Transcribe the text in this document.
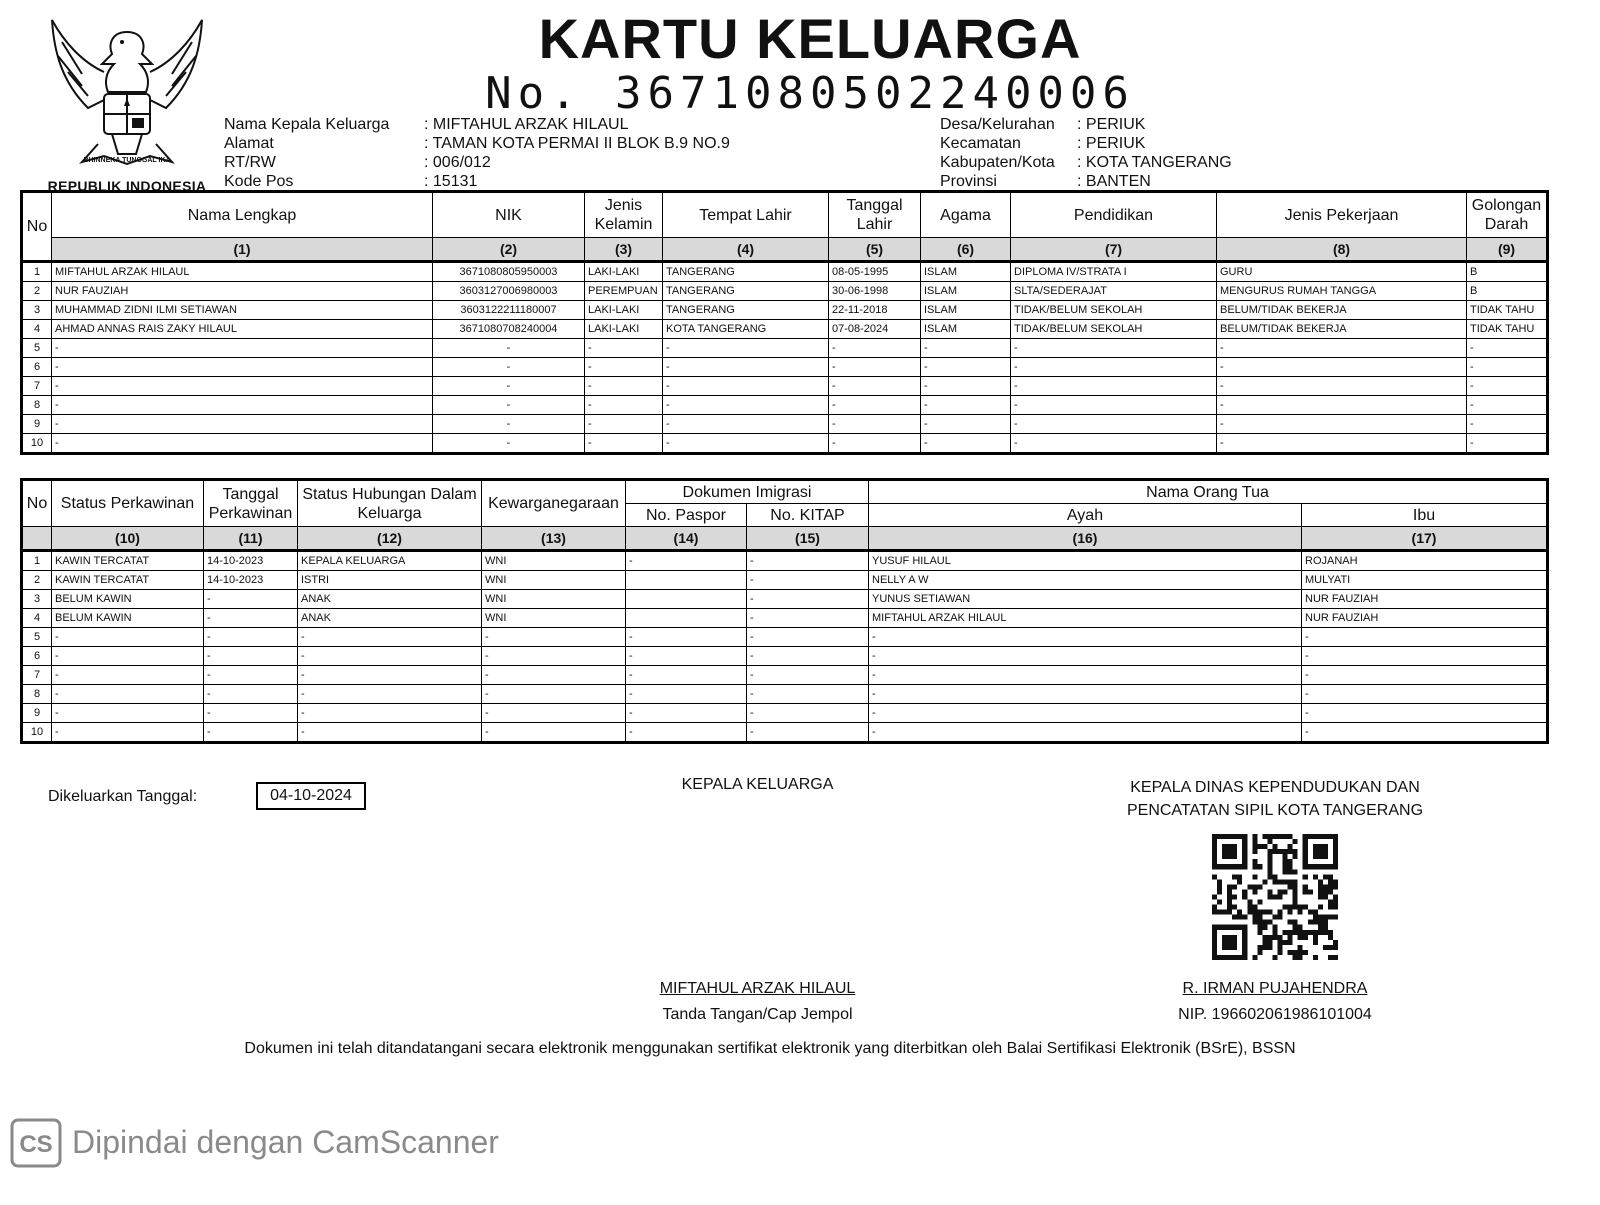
BHINNEKA TUNGGAL IKA
REPUBLIK INDONESIA
KARTU KELUARGA
No. 3671080502240006
Nama Kepala Keluarga : MIFTAHUL ARZAK HILAUL
Alamat	: TAMAN KOTA PERMAI II BLOK B.9 NO.9
RT/RW	: 006/012
Kode Pos	: 15131
Desa/Kelurahan : PERIUK
Kecamatan	: PERIUK
Kabupaten/Kota : KOTA TANGERANG
Provinsi	: BANTEN
No	Nama Lengkap	NIK	Jenis Kelamin	Tempat Lahir	Tanggal Lahir	Agama	Pendidikan	Jenis Pekerjaan	Golongan Darah
	(1)	(2)	(3)	(4)	(5)	(6)	(7)	(8)	(9)
1	MIFTAHUL ARZAK HILAUL	3671080805950003	LAKI-LAKI	TANGERANG	08-05-1995	ISLAM	DIPLOMA IV/STRATA I	GURU	B
2	NUR FAUZIAH	3603127006980003	PEREMPUAN	TANGERANG	30-06-1998	ISLAM	SLTA/SEDERAJAT	MENGURUS RUMAH TANGGA	B
3	MUHAMMAD ZIDNI ILMI SETIAWAN	3603122211180007	LAKI-LAKI	TANGERANG	22-11-2018	ISLAM	TIDAK/BELUM SEKOLAH	BELUM/TIDAK BEKERJA	TIDAK TAHU
4	AHMAD ANNAS RAIS ZAKY HILAUL	3671080708240004	LAKI-LAKI	KOTA TANGERANG	07-08-2024	ISLAM	TIDAK/BELUM SEKOLAH	BELUM/TIDAK BEKERJA	TIDAK TAHU
5	-	-	-	-	-	-	-	-	-
6	-	-	-	-	-	-	-	-	-
7	-	-	-	-	-	-	-	-	-
8	-	-	-	-	-	-	-	-	-
9	-	-	-	-	-	-	-	-	-
10	-	-	-	-	-	-	-	-	-
No	Status Perkawinan	Tanggal Perkawinan	Status Hubungan Dalam Keluarga	Kewarganegaraan	Dokumen Imigrasi		Nama Orang Tua	
					No. Paspor	No. KITAP	Ayah	Ibu
	(10)	(11)	(12)	(13)	(14)	(15)	(16)	(17)
1	KAWIN TERCATAT	14-10-2023	KEPALA KELUARGA	WNI	-	-	YUSUF HILAUL	ROJANAH
2	KAWIN TERCATAT	14-10-2023	ISTRI	WNI		-	NELLY A W	MULYATI
3	BELUM KAWIN	-	ANAK	WNI		-	YUNUS SETIAWAN	NUR FAUZIAH
4	BELUM KAWIN	-	ANAK	WNI		-	MIFTAHUL ARZAK HILAUL	NUR FAUZIAH
5	-	-	-	-	-	-	-	-
6	-	-	-	-	-	-	-	-
7	-	-	-	-	-	-	-	-
8	-	-	-	-	-	-	-	-
9	-	-	-	-	-	-	-	-
10	-	-	-	-	-	-	-	-
Dikeluarkan Tanggal:	04-10-2024
KEPALA KELUARGA	KEPALA DINAS KEPENDUDUKAN DAN
PENCATATAN SIPIL KOTA TANGERANG
MIFTAHUL ARZAK HILAUL
Tanda Tangan/Cap Jempol
R. IRMAN PUJAHENDRA
NIP. 196602061986101004
Dokumen ini telah ditandatangani secara elektronik menggunakan sertifikat elektronik yang diterbitkan oleh Balai Sertifikasi Elektronik (BSrE), BSSN
CS Dipindai dengan CamScanner
